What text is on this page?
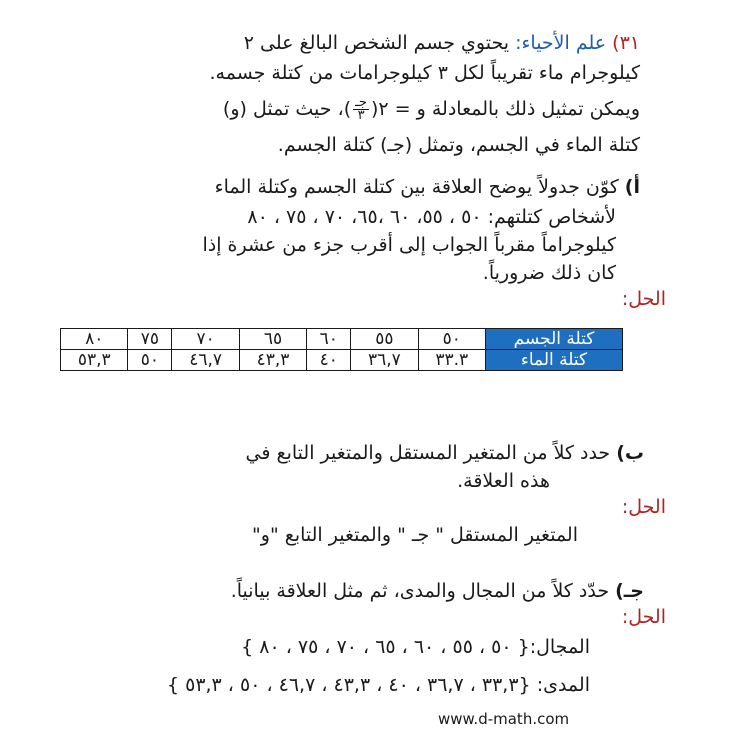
٣١) علم الأحياء: يحتوي جسم الشخص البالغ على ٢
كيلوجرام ماء تقريباً لكل ٣ كيلوجرامات من كتلة جسمه.
ويمكن تمثيل ذلك بالمعادلة و = ٢(
$\frac{\text{جـ}}{٣}$
)، حيث تمثل (و)
كتلة الماء في الجسم، وتمثل (جـ) كتلة الجسم.
أ) كوّن جدولاً يوضح العلاقة بين كتلة الجسم وكتلة الماء
لأشخاص كتلتهم: ٥٠ ، ٥٥، ٦٠ ،٦٥، ٧٠ ، ٧٥ ، ٨٠
كيلوجراماً مقرباً الجواب إلى أقرب جزء من عشرة إذا
كان ذلك ضرورياً.
الحل:
كتلة الجسم	٥٠	٥٥	٦٠	٦٥	٧٠	٧٥	٨٠
كتلة الماء	٣٣.٣	٣٦,٧	٤٠	٤٣,٣	٤٦,٧	٥٠	٥٣,٣
ب) حدد كلاً من المتغير المستقل والمتغير التابع في
هذه العلاقة.
الحل:
المتغير المستقل " جـ " والمتغير التابع "و"
جـ) حدّد كلاً من المجال والمدى، ثم مثل العلاقة بيانياً.
الحل:
المجال:{ ٥٠ ، ٥٥ ، ٦٠ ، ٦٥ ، ٧٠ ، ٧٥ ، ٨٠ }
المدى: {٣٣,٣ ، ٣٦,٧ ، ٤٠ ، ٤٣,٣ ، ٤٦,٧ ، ٥٠ ، ٥٣,٣ }
www.d-math.com
